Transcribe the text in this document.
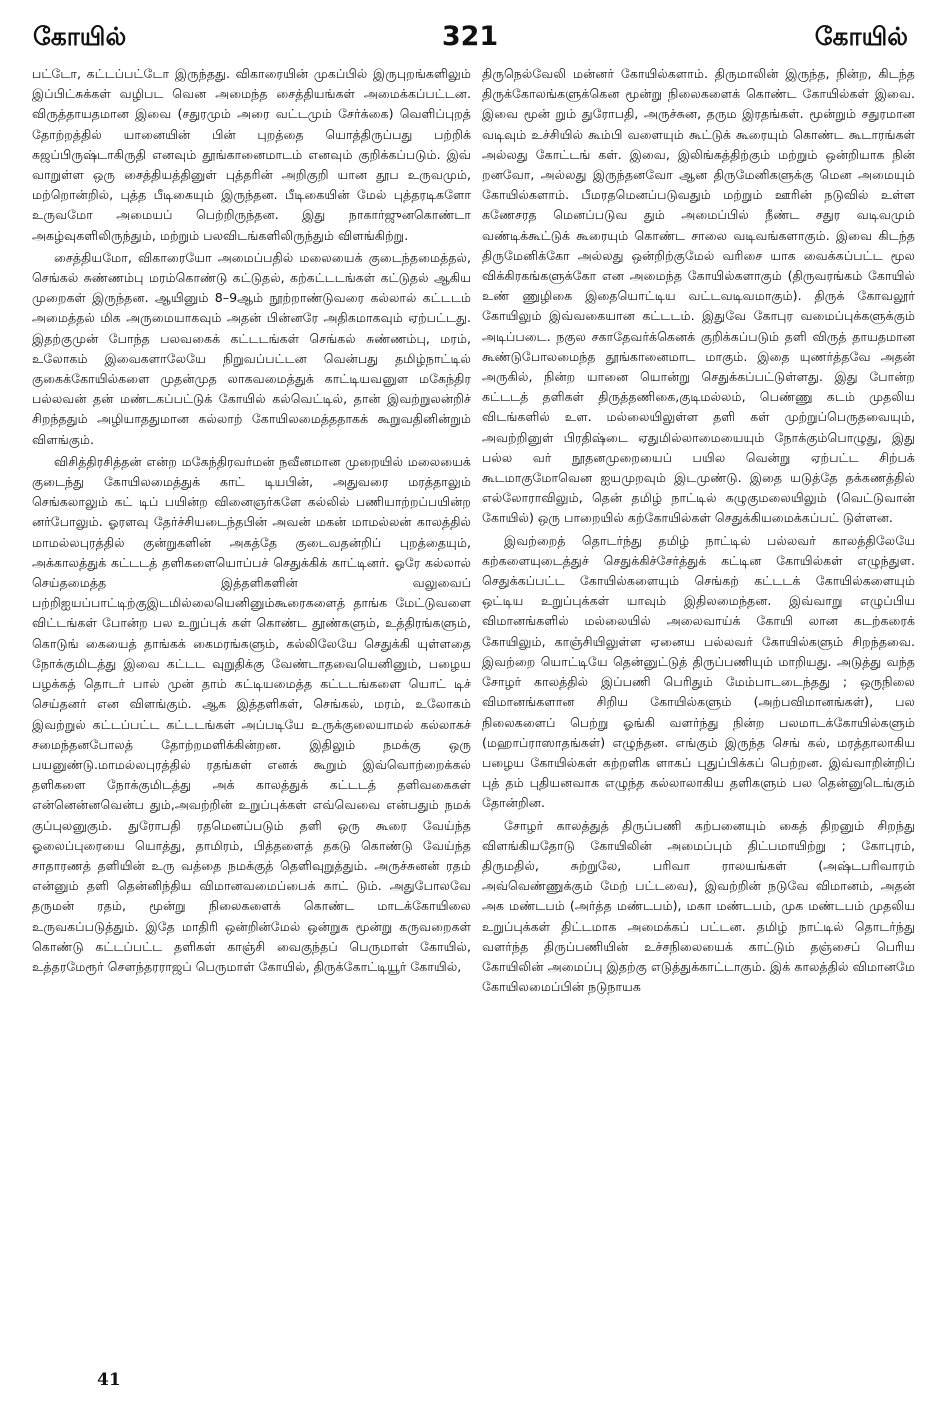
கோயில்	321	கோயில்

பட்டோ, கட்டப்பட்டோ இருந்தது. விகாரையின் முகப்பில் இருபுறங்களிலும் இப்பிட்சுக்கள் வழிபட வென அமைந்த சைத்தியங்கள் அமைக்கப்பட்டன. விருத்தாயதமான இவை (சதுரமும் அரை வட்டமும் சேர்க்கை) வெளிப்புறத் தோற்றத்தில் யானையின் பின் புறத்தை யொத்திருப்பது பற்றிக் கஜப்பிருஷ்டாகிருதி எனவும் தூங்கானைமாடம் எனவும் குறிக்கப்படும். இவ் வாறுள்ள ஒரு சைத்தியத்தினுள் புத்தரின் அறிகுறி யான தூப உருவமும், மற்றொன்றில், புத்த பீடிகையும் இருந்தன. பீடிகையின் மேல் புத்தரடிகளோ உருவமோ அமையப் பெற்றிருந்தன. இது நாகார்ஜுனகொண்டா அகழ்வுகளிலிருந்தும், மற்றும் பலவிடங்களிலிருந்தும் விளங்கிற்று.

சைத்தியமோ, விகாரையோ அமைப்பதில் மலையைக் குடைந்தமைத்தல், செங்கல் சுண்ணம்பு மரம்கொண்டு கட்டுதல், கற்கட்டடங்கள் கட்டுதல் ஆகிய முறைகள் இருந்தன. ஆயினும் 8–9ஆம் நூற்றாண்டுவரை கல்லால் கட்டடம் அமைத்தல் மிக அருமையாகவும் அதன் பின்னரே அதிகமாகவும் ஏற்பட்டது. இதற்குமுன் போந்த பலவகைக் கட்டடங்கள் செங்கல் சுண்ணம்பு, மரம், உலோகம் இவைகளாலேயே நிறுவப்பட்டன வென்பது தமிழ்நாட்டில் குகைக்கோயில்களை முதன்முத லாகவமைத்துக் காட்டியவனுள மகேந்திர பல்லவன் தன் மண்டகப்பட்டுக் கோயில் கல்வெட்டில், தான் இவற்றுலன்றிச் சிறந்ததும் அழியாததுமான கல்லாற் கோயிலமைத்ததாகக் கூறுவதினின்றும் விளங்கும்.

விசித்திரசித்தன் என்ற மகேந்திரவர்மன் நவீனமான முறையில் மலையைக் குடைந்து கோயிலமைத்துக் காட் டியபின், அதுவரை மரத்தாலும் செங்கலாலும் கட் டிப் பயின்ற வினைஞர்களே கல்லில் பணியாற்றப்பயின்ற னர்போலும். ஓரளவு தேர்ச்சியடைந்தபின் அவன் மகன் மாமல்லன் காலத்தில் மாமல்லபுரத்தில் குன்றுகளின் அகத்தே குடைவதன்றிப் புறத்தையும், அக்காலத்துக் கட்டடத் தளிகளையொப்பச் செதுக்கிக் காட்டினர். ஓரே கல்லால் செய்தமைத்த இத்தளிகளின் வலுவைப் பற்றிஐயப்பாட்டிற்குஇடமில்லையெனினும்கூரைகளைத் தாங்க மேட்டுவளை விட்டங்கள் போன்ற பல உறுப்புக் கள் கொண்ட தூண்களும், உத்திரங்களும், கொடுங் கையைத் தாங்கக் கைமரங்களும், கல்லிலேயே செதுக்கி யுள்ளதை நோக்குமிடத்து இவை கட்டட வுறுதிக்கு வேண்டாதவையெனினும், பழைய பழக்கத் தொடர் பால் முன் தாம் கட்டியமைத்த கட்டடங்களை யொட் டிச் செய்தனர் என விளங்கும். ஆக இத்தளிகள், செங்கல், மரம், உலோகம் இவற்றுல் கட்டப்பட்ட கட்டடங்கள் அப்படியே உருக்குலையாமல் கல்லாகச் சமைந்தனபோலத் தோற்றமளிக்கின்றன. இதிலும் நமக்கு ஒரு பயனுண்டு.மாமல்லபுரத்தில் ரதங்கள் எனக் கூறும் இவ்வொற்றைக்கல் தளிகளை நோக்குமிடத்து அக் காலத்துக் கட்டடத் தளிவகைகள் என்னென்னவென்ப தும்,அவற்றின் உறுப்புக்கள் எவ்வெவை என்பதும் நமக் குப்புலனுகும். துரோபதி ரதமெனப்படும் தளி ஒரு கூரை வேய்ந்த ஓலைப்புரையை யொத்து, தாமிரம், பித்தளைத் தகடு கொண்டு வேய்ந்த சாதாரணத் தளியின் உரு வத்தை நமக்குத் தெளிவுறுத்தும். அருச்சுனன் ரதம் என்னும் தளி தென்னிந்திய விமானவமைப்பைக் காட் டும். அதுபோலவே தருமன் ரதம், மூன்று நிலைகளைக் கொண்ட மாடக்கோயிலை உருவகப்படுத்தும். இதே மாதிரி ஒன்றின்மேல் ஒன்றுக மூன்று கருவறைகள் கொண்டு கட்டப்பட்ட தளிகள் காஞ்சி வைகுந்தப் பெருமாள் கோயில், உத்தரமேரூர் சௌந்தரராஜப் பெருமாள் கோயில், திருக்கோட்டியூர் கோயில்,

திருநெல்வேலி மன்னர் கோயில்களாம். திருமாலின் இருந்த, நின்ற, கிடந்த திருக்கோலங்களுக்கென மூன்று நிலைகளைக் கொண்ட கோயில்கள் இவை. இவை மூன் றும் துரோபதி, அருச்சுன, தரும இரதங்கள். மூன்றும் சதுரமான வடிவும் உச்சியில் கூம்பி வளையும் கூட்டுக் கூரையும் கொண்ட கூடாரங்கள் அல்லது கோட்டங் கள். இவை, இலிங்கத்திற்கும் மற்றும் ஒன்றியாக நின் றனவோ, அல்லது இருந்தனவோ ஆன திருமேனிகளுக்கு மென அமையும் கோயில்களாம். பீமரதமெனப்படுவதும் மற்றும் ஊரின் நடுவில் உள்ள கணேசரத மெனப்படுவ தும் அமைப்பில் நீண்ட சதுர வடிவமும் வண்டிக்கூட்டுக் கூரையும் கொண்ட சாலை வடிவங்களாகும். இவை கிடந்த திருமேனிக்கோ அல்லது ஒன்றிற்குமேல் வரிசை யாக வைக்கப்பட்ட மூல விக்கிரகங்களுக்கோ என அமைந்த கோயில்களாகும் (திருவரங்கம் கோயில் உண் ணுழிகை இதையொட்டிய வட்டவடிவமாகும்). திருக் கோவலூர் கோயிலும் இவ்வகையான கட்டடம். இதுவே கோபுர வமைப்புக்களுக்கும் அடிப்படை. நகுல சகாதேவர்க்கெனக் குறிக்கப்படும் தளி விருத் தாயதமான கூண்டுபோலமைந்த தூங்கானைமாட மாகும். இதை யுணர்த்தவே அதன் அருகில், நின்ற யானை யொன்று செதுக்கப்பட்டுள்ளது. இது போன்ற கட்டடத் தளிகள் திருத்தணிகை,குடிமல்லம், பெண்ணு கடம் முதலிய விடங்களில் உள. மல்லையிலுள்ள தளி கள் முற்றுப்பெருதவையும், அவற்றினுள் பிரதிஷ்டை ஏதுமில்லாமையையும் நோக்கும்பொழுது, இது பல்ல வர் நூதனமுறையைப் பயில வென்று ஏற்பட்ட சிற்பக் கூடமாகுமோவென ஐயமுறவும் இடமுண்டு. இதை யடுத்தே தக்கணத்தில் எல்லோராவிலும், தென் தமிழ் நாட்டில் கழுகுமலையிலும் (வெட்டுவான் கோயில்) ஒரு பாறையில் கற்கோயில்கள் செதுக்கியமைக்கப்பட் டுள்ளன.

இவற்றைத் தொடர்ந்து தமிழ் நாட்டில் பல்லவர் காலத்திலேயே கற்களையுடைத்துச் செதுக்கிச்சேர்த்துக் கட்டின கோயில்கள் எழுந்துள. செதுக்கப்பட்ட கோயில்களையும் செங்கற் கட்டடக் கோயில்களையும் ஒட்டிய உறுப்புக்கள் யாவும் இதிலமைந்தன. இவ்வாறு எழுப்பிய விமானங்களில் மல்லையில் அலைவாய்க் கோயி லான கடற்கரைக் கோயிலும், காஞ்சியிலுள்ள ஏனைய பல்லவர் கோயில்களும் சிறந்தவை. இவற்றை யொட்டியே தென்னுட்டுத் திருப்பணியும் மாறியது. அடுத்து வந்த சோழர் காலத்தில் இப்பணி பெரிதும் மேம்பாடடைந்தது ; ஒருநிலை விமானங்களான சிறிய கோயில்களும் (அற்பவிமானங்கள்), பல நிலைகளைப் பெற்று ஓங்கி வளர்ந்து நின்ற பலமாடக்கோயில்களும் (மஹாப்ராஸாதங்கள்) எழுந்தன. எங்கும் இருந்த செங் கல், மரத்தாலாகிய பழைய கோயில்கள் கற்றளிக ளாகப் புதுப்பிக்கப் பெற்றன. இவ்வாறின்றிப் புத் தம் புதியனவாக எழுந்த கல்லாலாகிய தளிகளும் பல தென்னுடெங்கும் தோன்றின.

சோழர் காலத்துத் திருப்பணி கற்பனையும் கைத் திறனும் சிறந்து விளங்கியதோடு கோயிலின் அமைப்பும் திட்பமாயிற்று ; கோபுரம், திருமதில், சுற்றுலே, பரிவா ராலயங்கள் (அஷ்டபரிவாரம் அவ்வெண்ணுக்கும் மேற் பட்டவை), இவற்றின் நடுவே விமானம், அதன் அக மண்டபம் (அர்த்த மண்டபம்), மகா மண்டபம், முக மண்டபம் முதலிய உறுப்புக்கள் திட்டமாக அமைக்கப் பட்டன. தமிழ் நாட்டில் தொடர்ந்து வளர்ந்த திருப்பணியின் உச்சநிலையைக் காட்டும் தஞ்சைப் பெரிய கோயிலின் அமைப்பு இதற்கு எடுத்துக்காட்டாகும். இக் காலத்தில் விமானமே கோயிலமைப்பின் நடுநாயக

41
